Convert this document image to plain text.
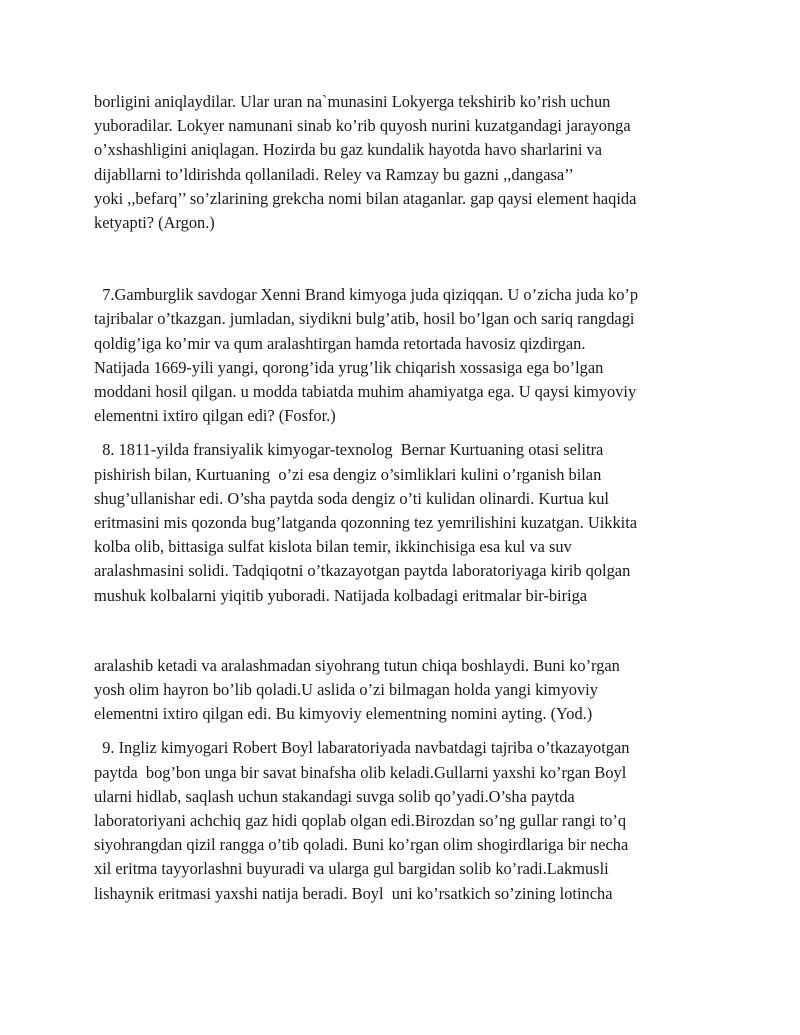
borligini aniqlaydilar. Ular uran na`munasini Lokyerga tekshirib ko’rish uchun
yuboradilar. Lokyer namunani sinab ko’rib quyosh nurini kuzatgandagi jarayonga
o’xshashligini aniqlagan. Hozirda bu gaz kundalik hayotda havo sharlarini va
dijabllarni to’ldirishda qollaniladi. Reley va Ramzay bu gazni ,,dangasa’’
yoki ,,befarq’’ so’zlarining grekcha nomi bilan ataganlar. gap qaysi element haqida
ketyapti? (Argon.)

7.Gamburglik savdogar Xenni Brand kimyoga juda qiziqqan. U o’zicha juda ko’p
tajribalar o’tkazgan. jumladan, siydikni bulg’atib, hosil bo’lgan och sariq rangdagi
qoldig’iga ko’mir va qum aralashtirgan hamda retortada havosiz qizdirgan.
Natijada 1669-yili yangi, qorong’ida yrug’lik chiqarish xossasiga ega bo’lgan
moddani hosil qilgan. u modda tabiatda muhim ahamiyatga ega. U qaysi kimyoviy
elementni ixtiro qilgan edi? (Fosfor.)

8. 1811-yilda fransiyalik kimyogar-texnolog  Bernar Kurtuaning otasi selitra
pishirish bilan, Kurtuaning  o’zi esa dengiz o’simliklari kulini o’rganish bilan
shug’ullanishar edi. O’sha paytda soda dengiz o’ti kulidan olinardi. Kurtua kul
eritmasini mis qozonda bug’latganda qozonning tez yemrilishini kuzatgan. Uikkita
kolba olib, bittasiga sulfat kislota bilan temir, ikkinchisiga esa kul va suv
aralashmasini solidi. Tadqiqotni o’tkazayotgan paytda laboratoriyaga kirib qolgan
mushuk kolbalarni yiqitib yuboradi. Natijada kolbadagi eritmalar bir-biriga

aralashib ketadi va aralashmadan siyohrang tutun chiqa boshlaydi. Buni ko’rgan
yosh olim hayron bo’lib qoladi.U aslida o’zi bilmagan holda yangi kimyoviy
elementni ixtiro qilgan edi. Bu kimyoviy elementning nomini ayting. (Yod.)

9. Ingliz kimyogari Robert Boyl labaratoriyada navbatdagi tajriba o’tkazayotgan
paytda  bog’bon unga bir savat binafsha olib keladi.Gullarni yaxshi ko’rgan Boyl
ularni hidlab, saqlash uchun stakandagi suvga solib qo’yadi.O’sha paytda
laboratoriyani achchiq gaz hidi qoplab olgan edi.Birozdan so’ng gullar rangi to’q
siyohrangdan qizil rangga o’tib qoladi. Buni ko’rgan olim shogirdlariga bir necha
xil eritma tayyorlashni buyuradi va ularga gul bargidan solib ko’radi.Lakmusli
lishaynik eritmasi yaxshi natija beradi. Boyl  uni ko’rsatkich so’zining lotincha
